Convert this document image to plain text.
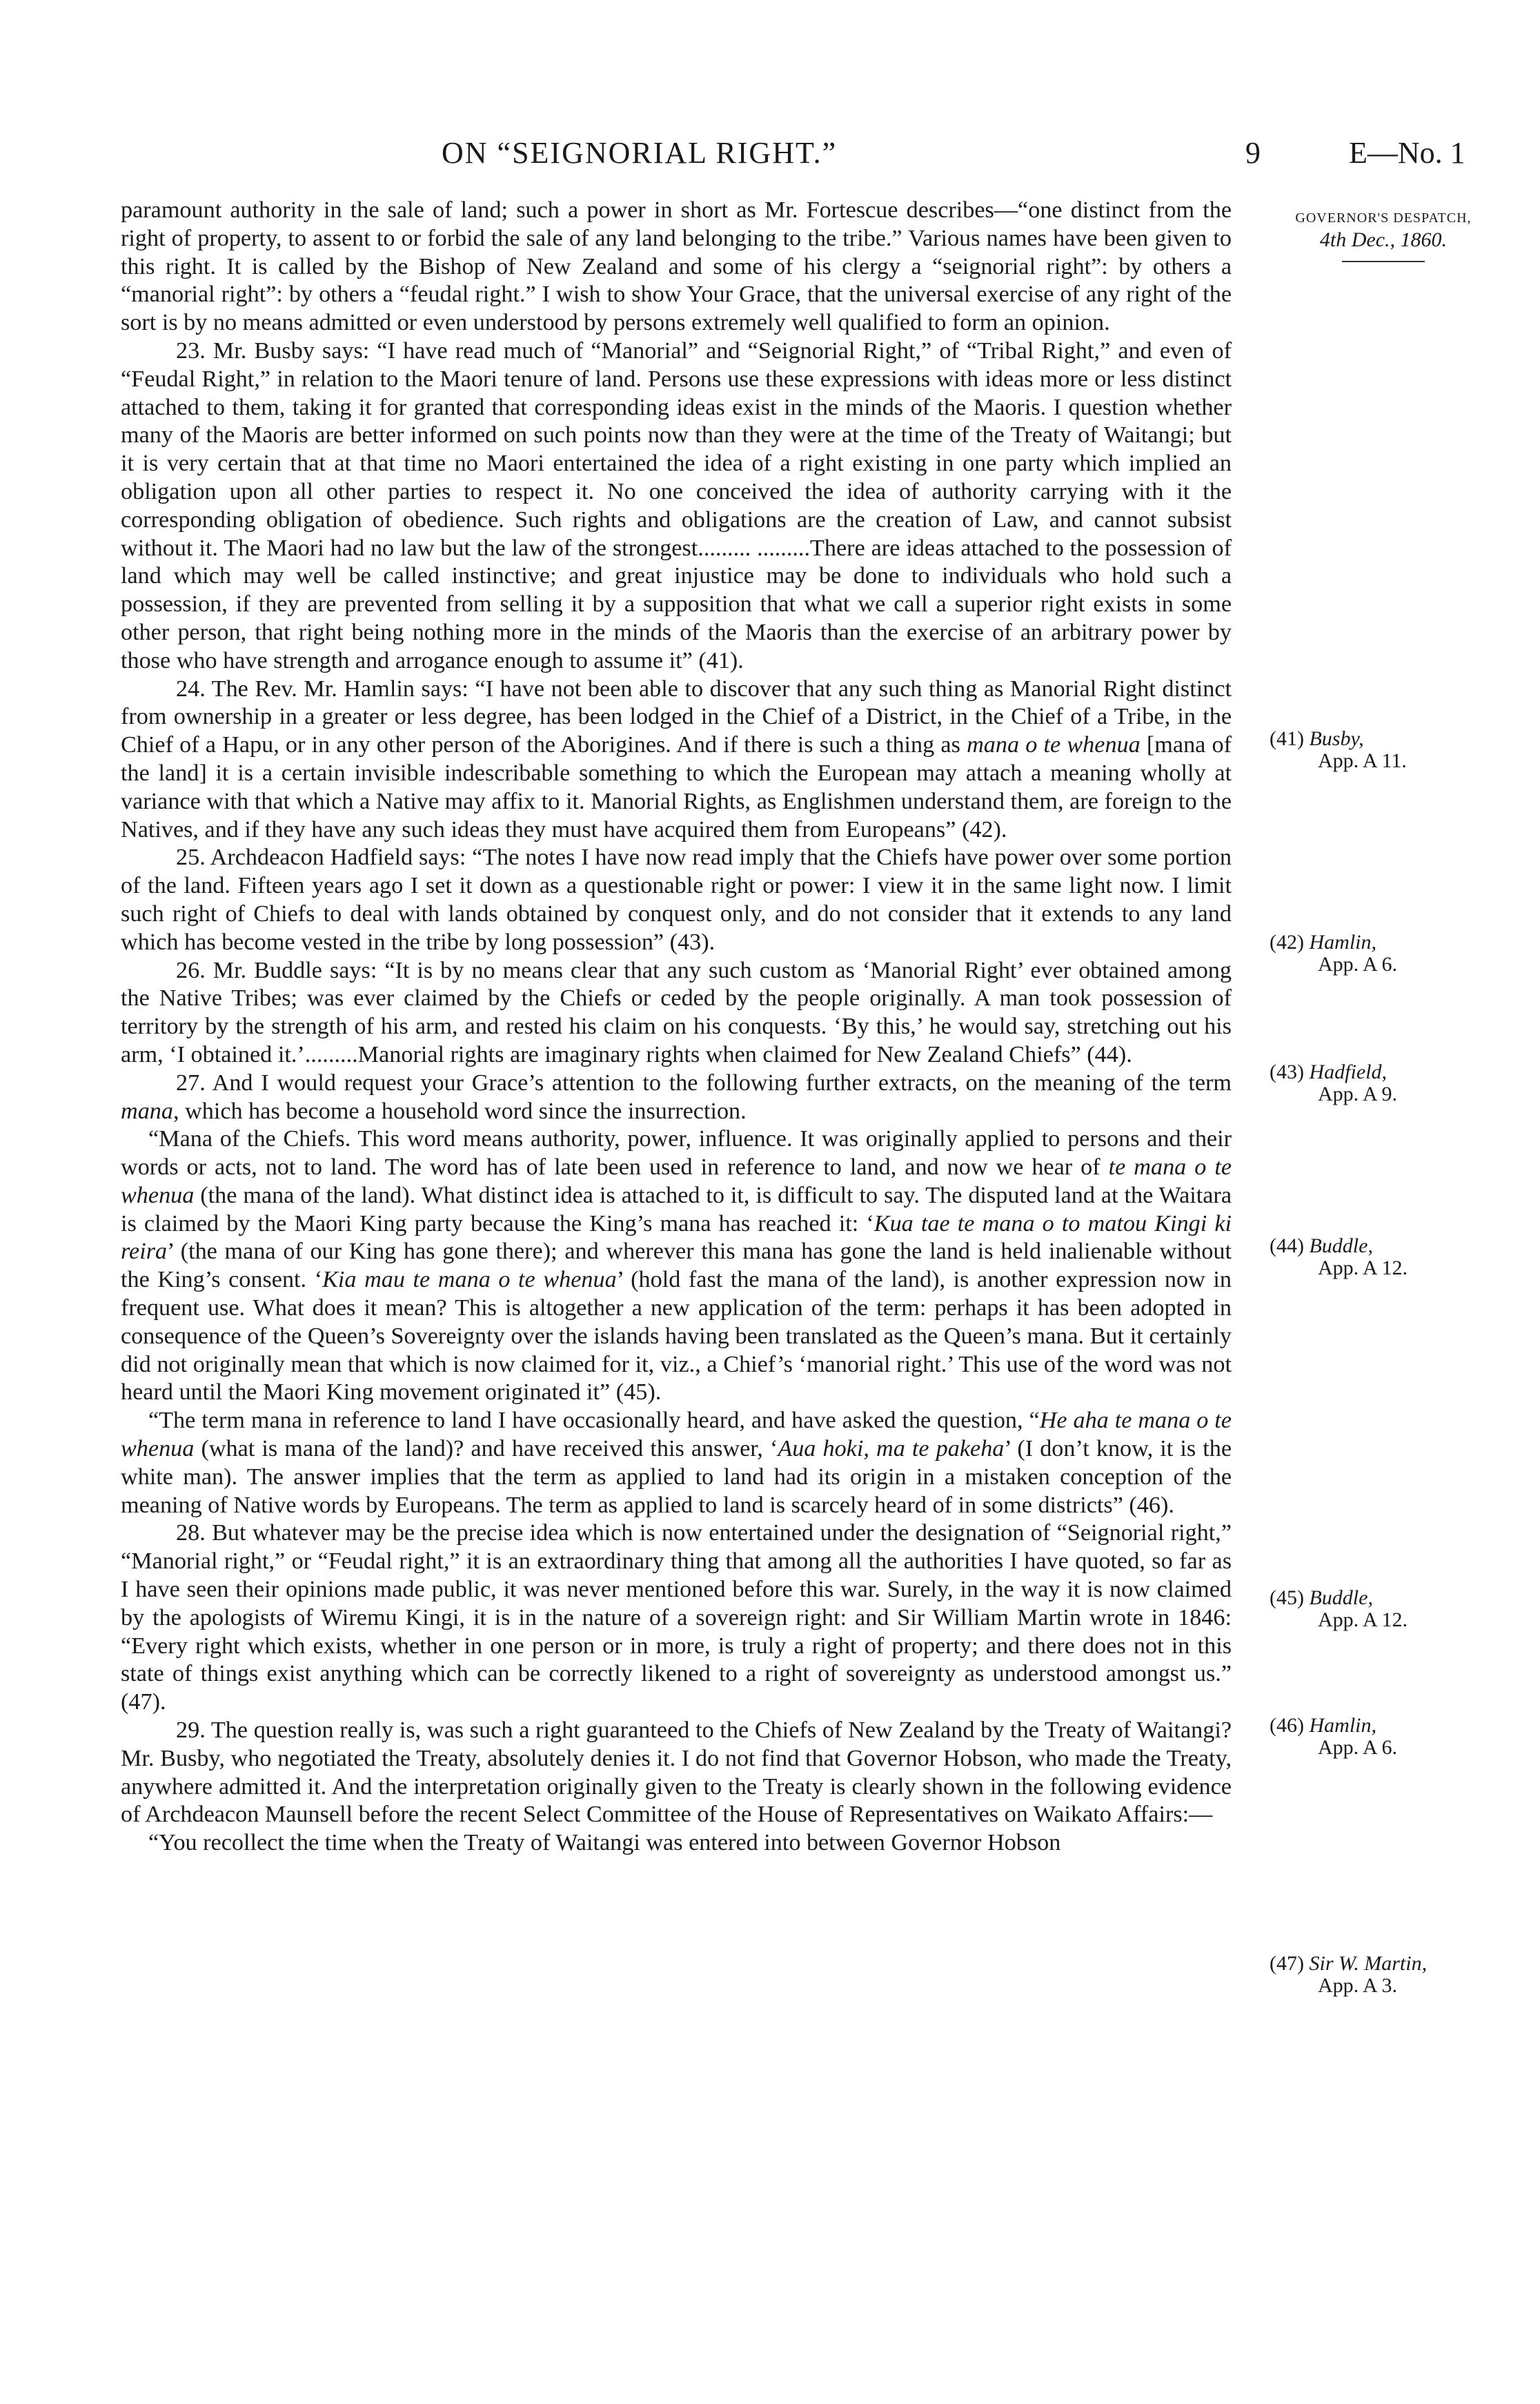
ON “SEIGNORIAL RIGHT.”	9	E—No. 1
GOVERNOR'S DESPATCH,
4th Dec., 1860.
(41) Busby,
App. A 11.
(42) Hamlin,
App. A 6.
(43) Hadfield,
App. A 9.
(44) Buddle,
App. A 12.
(45) Buddle,
App. A 12.
(46) Hamlin,
App. A 6.
(47) Sir W. Martin,
App. A 3.
paramount authority in the sale of land; such a power in short as Mr. Fortescue describes—“one distinct from the right of property, to assent to or forbid the sale of any land belonging to the tribe.” Various names have been given to this right. It is called by the Bishop of New Zealand and some of his clergy a “seignorial right”: by others a “manorial right”: by others a “feudal right.” I wish to show Your Grace, that the universal exercise of any right of the sort is by no means admitted or even understood by persons extremely well qualified to form an opinion.
23. Mr. Busby says: “I have read much of “Manorial” and “Seignorial Right,” of “Tribal Right,” and even of “Feudal Right,” in relation to the Maori tenure of land. Persons use these expressions with ideas more or less distinct attached to them, taking it for granted that corresponding ideas exist in the minds of the Maoris. I question whether many of the Maoris are better informed on such points now than they were at the time of the Treaty of Waitangi; but it is very certain that at that time no Maori entertained the idea of a right existing in one party which implied an obligation upon all other parties to respect it. No one conceived the idea of authority carrying with it the corresponding obligation of obedience. Such rights and obligations are the creation of Law, and cannot subsist without it. The Maori had no law but the law of the strongest......... .........There are ideas attached to the possession of land which may well be called instinctive; and great injustice may be done to individuals who hold such a possession, if they are prevented from selling it by a supposition that what we call a superior right exists in some other person, that right being nothing more in the minds of the Maoris than the exercise of an arbitrary power by those who have strength and arrogance enough to assume it” (41).
24. The Rev. Mr. Hamlin says: “I have not been able to discover that any such thing as Manorial Right distinct from ownership in a greater or less degree, has been lodged in the Chief of a District, in the Chief of a Tribe, in the Chief of a Hapu, or in any other person of the Aborigines. And if there is such a thing as mana o te whenua [mana of the land] it is a certain invisible indescribable something to which the European may attach a meaning wholly at variance with that which a Native may affix to it. Manorial Rights, as Englishmen understand them, are foreign to the Natives, and if they have any such ideas they must have acquired them from Europeans” (42).
25. Archdeacon Hadfield says: “The notes I have now read imply that the Chiefs have power over some portion of the land. Fifteen years ago I set it down as a questionable right or power: I view it in the same light now. I limit such right of Chiefs to deal with lands obtained by conquest only, and do not consider that it extends to any land which has become vested in the tribe by long possession” (43).
26. Mr. Buddle says: “It is by no means clear that any such custom as ‘Manorial Right’ ever obtained among the Native Tribes; was ever claimed by the Chiefs or ceded by the people originally. A man took possession of territory by the strength of his arm, and rested his claim on his conquests. ‘By this,’ he would say, stretching out his arm, ‘I obtained it.’.........Manorial rights are imaginary rights when claimed for New Zealand Chiefs” (44).
27. And I would request your Grace’s attention to the following further extracts, on the meaning of the term mana, which has become a household word since the insurrection.
“Mana of the Chiefs. This word means authority, power, influence. It was originally applied to persons and their words or acts, not to land. The word has of late been used in reference to land, and now we hear of te mana o te whenua (the mana of the land). What distinct idea is attached to it, is difficult to say. The disputed land at the Waitara is claimed by the Maori King party because the King’s mana has reached it: ‘Kua tae te mana o to matou Kingi ki reira’ (the mana of our King has gone there); and wherever this mana has gone the land is held inalienable without the King’s consent. ‘Kia mau te mana o te whenua’ (hold fast the mana of the land), is another expression now in frequent use. What does it mean? This is altogether a new application of the term: perhaps it has been adopted in consequence of the Queen’s Sovereignty over the islands having been translated as the Queen’s mana. But it certainly did not originally mean that which is now claimed for it, viz., a Chief’s ‘manorial right.’ This use of the word was not heard until the Maori King movement originated it” (45).
“The term mana in reference to land I have occasionally heard, and have asked the question, “He aha te mana o te whenua (what is mana of the land)? and have received this answer, ‘Aua hoki, ma te pakeha’ (I don’t know, it is the white man). The answer implies that the term as applied to land had its origin in a mistaken conception of the meaning of Native words by Europeans. The term as applied to land is scarcely heard of in some districts” (46).
28. But whatever may be the precise idea which is now entertained under the designation of “Seignorial right,” “Manorial right,” or “Feudal right,” it is an extraordinary thing that among all the authorities I have quoted, so far as I have seen their opinions made public, it was never mentioned before this war. Surely, in the way it is now claimed by the apologists of Wiremu Kingi, it is in the nature of a sovereign right: and Sir William Martin wrote in 1846: “Every right which exists, whether in one person or in more, is truly a right of property; and there does not in this state of things exist anything which can be correctly likened to a right of sovereignty as understood amongst us.” (47).
29. The question really is, was such a right guaranteed to the Chiefs of New Zealand by the Treaty of Waitangi? Mr. Busby, who negotiated the Treaty, absolutely denies it. I do not find that Governor Hobson, who made the Treaty, anywhere admitted it. And the interpretation originally given to the Treaty is clearly shown in the following evidence of Archdeacon Maunsell before the recent Select Committee of the House of Representatives on Waikato Affairs:—
“You recollect the time when the Treaty of Waitangi was entered into between Governor Hobson
